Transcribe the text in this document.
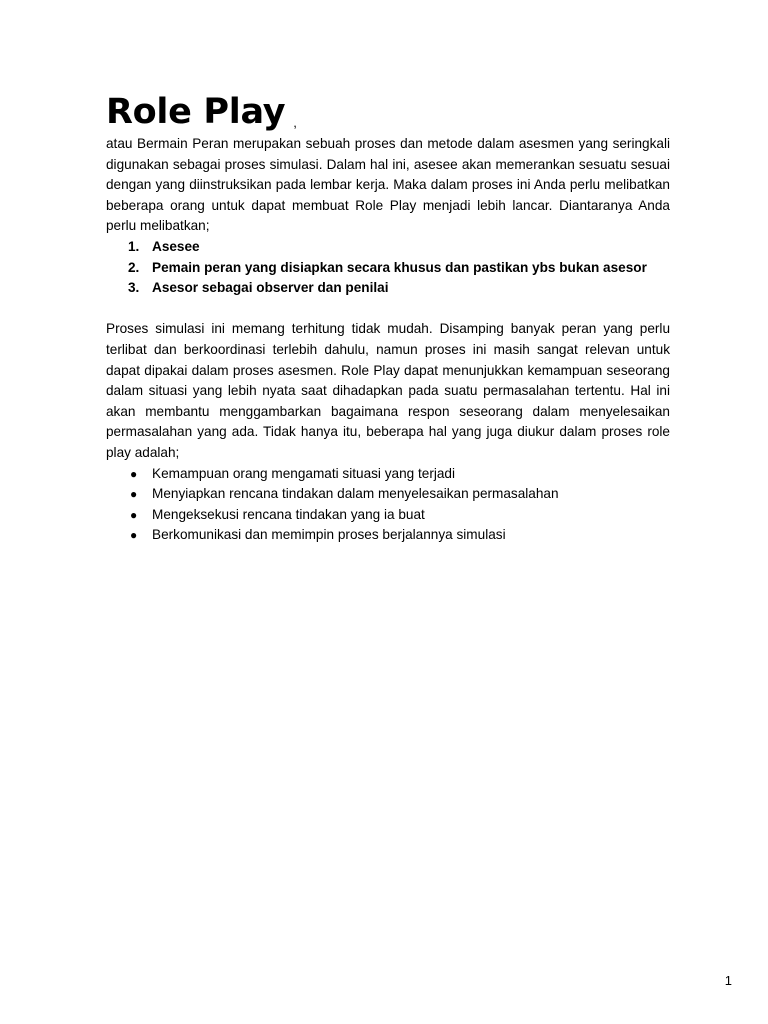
Role Play ,

atau Bermain Peran merupakan sebuah proses dan metode dalam asesmen yang seringkali digunakan sebagai proses simulasi. Dalam hal ini, asesee akan memerankan sesuatu sesuai dengan yang diinstruksikan pada lembar kerja. Maka dalam proses ini Anda perlu melibatkan beberapa orang untuk dapat membuat Role Play menjadi lebih lancar. Diantaranya Anda perlu melibatkan;

1. Asesee
2. Pemain peran yang disiapkan secara khusus dan pastikan ybs bukan asesor
3. Asesor sebagai observer dan penilai

Proses simulasi ini memang terhitung tidak mudah. Disamping banyak peran yang perlu terlibat dan berkoordinasi terlebih dahulu, namun proses ini masih sangat relevan untuk dapat dipakai dalam proses asesmen. Role Play dapat menunjukkan kemampuan seseorang dalam situasi yang lebih nyata saat dihadapkan pada suatu permasalahan tertentu. Hal ini akan membantu menggambarkan bagaimana respon seseorang dalam menyelesaikan permasalahan yang ada. Tidak hanya itu, beberapa hal yang juga diukur dalam proses role play adalah;

●	Kemampuan orang mengamati situasi yang terjadi
●	Menyiapkan rencana tindakan dalam menyelesaikan permasalahan
●	Mengeksekusi rencana tindakan yang ia buat
●	Berkomunikasi dan memimpin proses berjalannya simulasi
1
